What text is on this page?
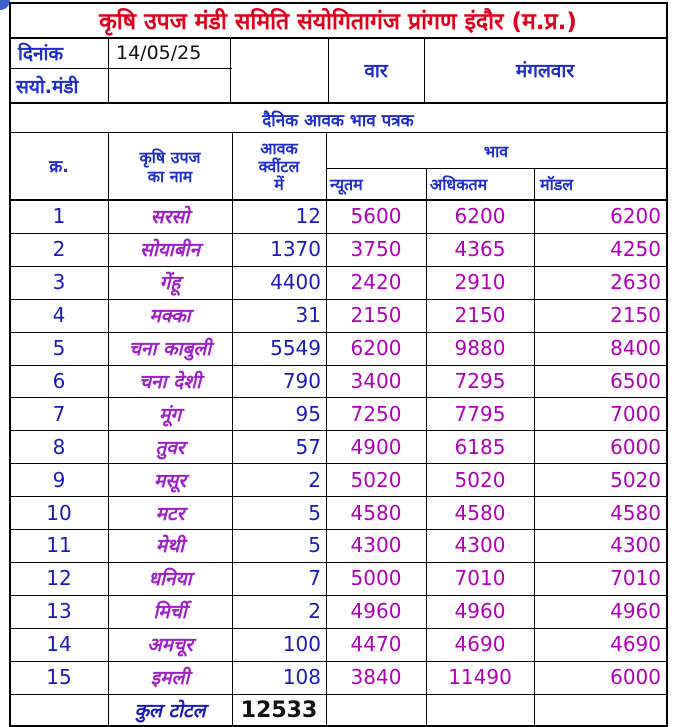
कृषि उपज मंडी समिति संयोगितागंज प्रांगण इंदौर (म.प्र.)
दिनांक	14/05/25
सयो.मंडी
वार	मंगलवार
दैनिक आवक भाव पत्रक
क्र.	कृषि उपज
का नाम
आवक
क्वींटल
में
भाव
न्यूतम	अधिकतम	मॉडल
1	सरसो	12	5600	6200	6200
2	सोयाबीन	1370	3750	4365	4250
3	गेंहू	4400	2420	2910	2630
4	मक्का	31	2150	2150	2150
5	चना काबुली	5549	6200	9880	8400
6	चना देशी	790	3400	7295	6500
7	मूंग	95	7250	7795	7000
8	तुवर	57	4900	6185	6000
9	मसूर	2	5020	5020	5020
10	मटर	5	4580	4580	4580
11	मेथी	5	4300	4300	4300
12	धनिया	7	5000	7010	7010
13	मिर्ची	2	4960	4960	4960
14	अमचूर	100	4470	4690	4690
15	इमली	108	3840	11490	6000
कुल टोटल	12533
